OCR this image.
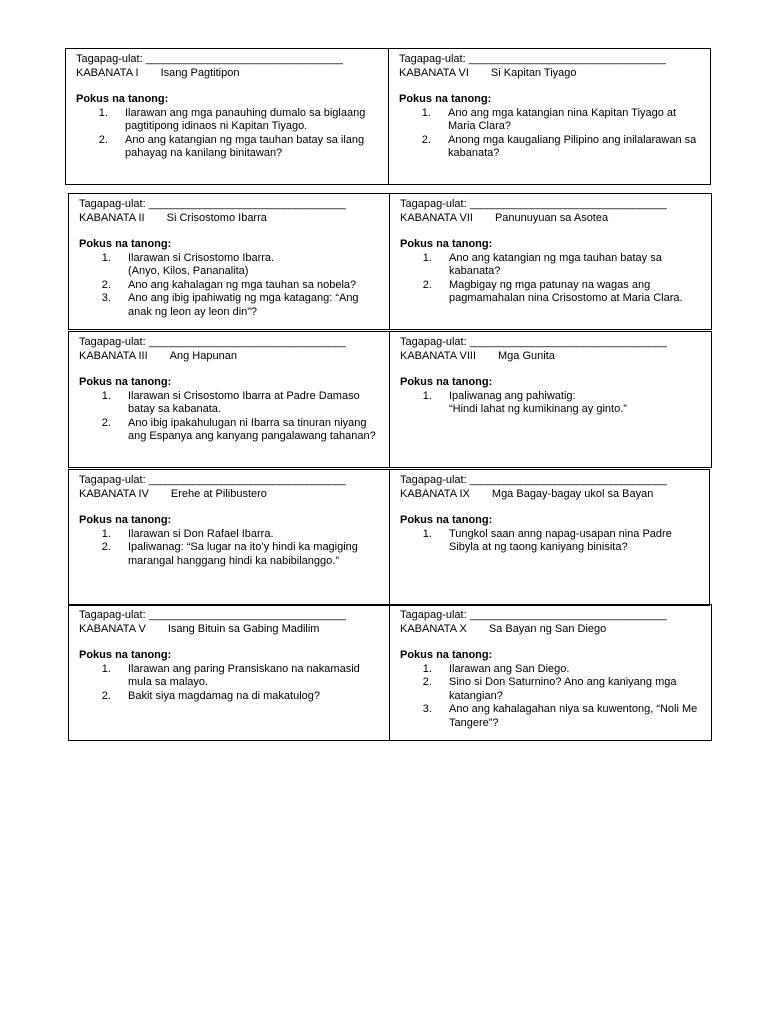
Tagapag-ulat: ___________________________________
KABANATA I Isang Pagtitipon
Pokus na tanong:
1. Ilarawan ang mga panauhing dumalo sa biglaang pagtitipong idinaos ni Kapitan Tiyago.
2. Ano ang katangian ng mga tauhan batay sa ilang pahayag na kanilang binitawan?
Tagapag-ulat: ___________________________________
KABANATA VI Si Kapitan Tiyago
Pokus na tanong:
1. Ano ang mga katangian nina Kapitan Tiyago at Maria Clara?
2. Anong mga kaugaliang Pilipino ang inilalarawan sa kabanata?
Tagapag-ulat: ___________________________________
KABANATA II Si Crisostomo Ibarra
Pokus na tanong:
1. Ilarawan si Crisostomo Ibarra.
(Anyo, Kilos, Pananalita)
2. Ano ang kahalagan ng mga tauhan sa nobela?
3. Ano ang ibig ipahiwatig ng mga katagang: “Ang anak ng leon ay leon din”?
Tagapag-ulat: ___________________________________
KABANATA VII Panunuyuan sa Asotea
Pokus na tanong:
1. Ano ang katangian ng mga tauhan batay sa kabanata?
2. Magbigay ng mga patunay na wagas ang pagmamahalan nina Crisostomo at Maria Clara.
Tagapag-ulat: ___________________________________
KABANATA III Ang Hapunan
Pokus na tanong:
1. Ilarawan si Crisostomo Ibarra at Padre Damaso batay sa kabanata.
2. Ano ibig ipakahulugan ni Ibarra sa tinuran niyang ang Espanya ang kanyang pangalawang tahanan?
Tagapag-ulat: ___________________________________
KABANATA VIII Mga Gunita
Pokus na tanong:
1. Ipaliwanag ang pahiwatig:
“Hindi lahat ng kumikinang ay ginto.”
Tagapag-ulat: ___________________________________
KABANATA IV Erehe at Pilibustero
Pokus na tanong:
1. Ilarawan si Don Rafael Ibarra.
2. Ipaliwanag: “Sa lugar na ito’y hindi ka magiging marangal hanggang hindi ka nabibilanggo.”
Tagapag-ulat: ___________________________________
KABANATA IX Mga Bagay-bagay ukol sa Bayan
Pokus na tanong:
1. Tungkol saan anng napag-usapan nina Padre Sibyla at ng taong kaniyang binisita?
Tagapag-ulat: ___________________________________
KABANATA V Isang Bituin sa Gabing Madilim
Pokus na tanong:
1. Ilarawan ang paring Pransiskano na nakamasid mula sa malayo.
2. Bakit siya magdamag na di makatulog?
Tagapag-ulat: ___________________________________
KABANATA X Sa Bayan ng San Diego
Pokus na tanong:
1. Ilarawan ang San Diego.
2. Sino si Don Saturnino? Ano ang kaniyang mga katangian?
3. Ano ang kahalagahan niya sa kuwentong, “Noli Me Tangere”?
